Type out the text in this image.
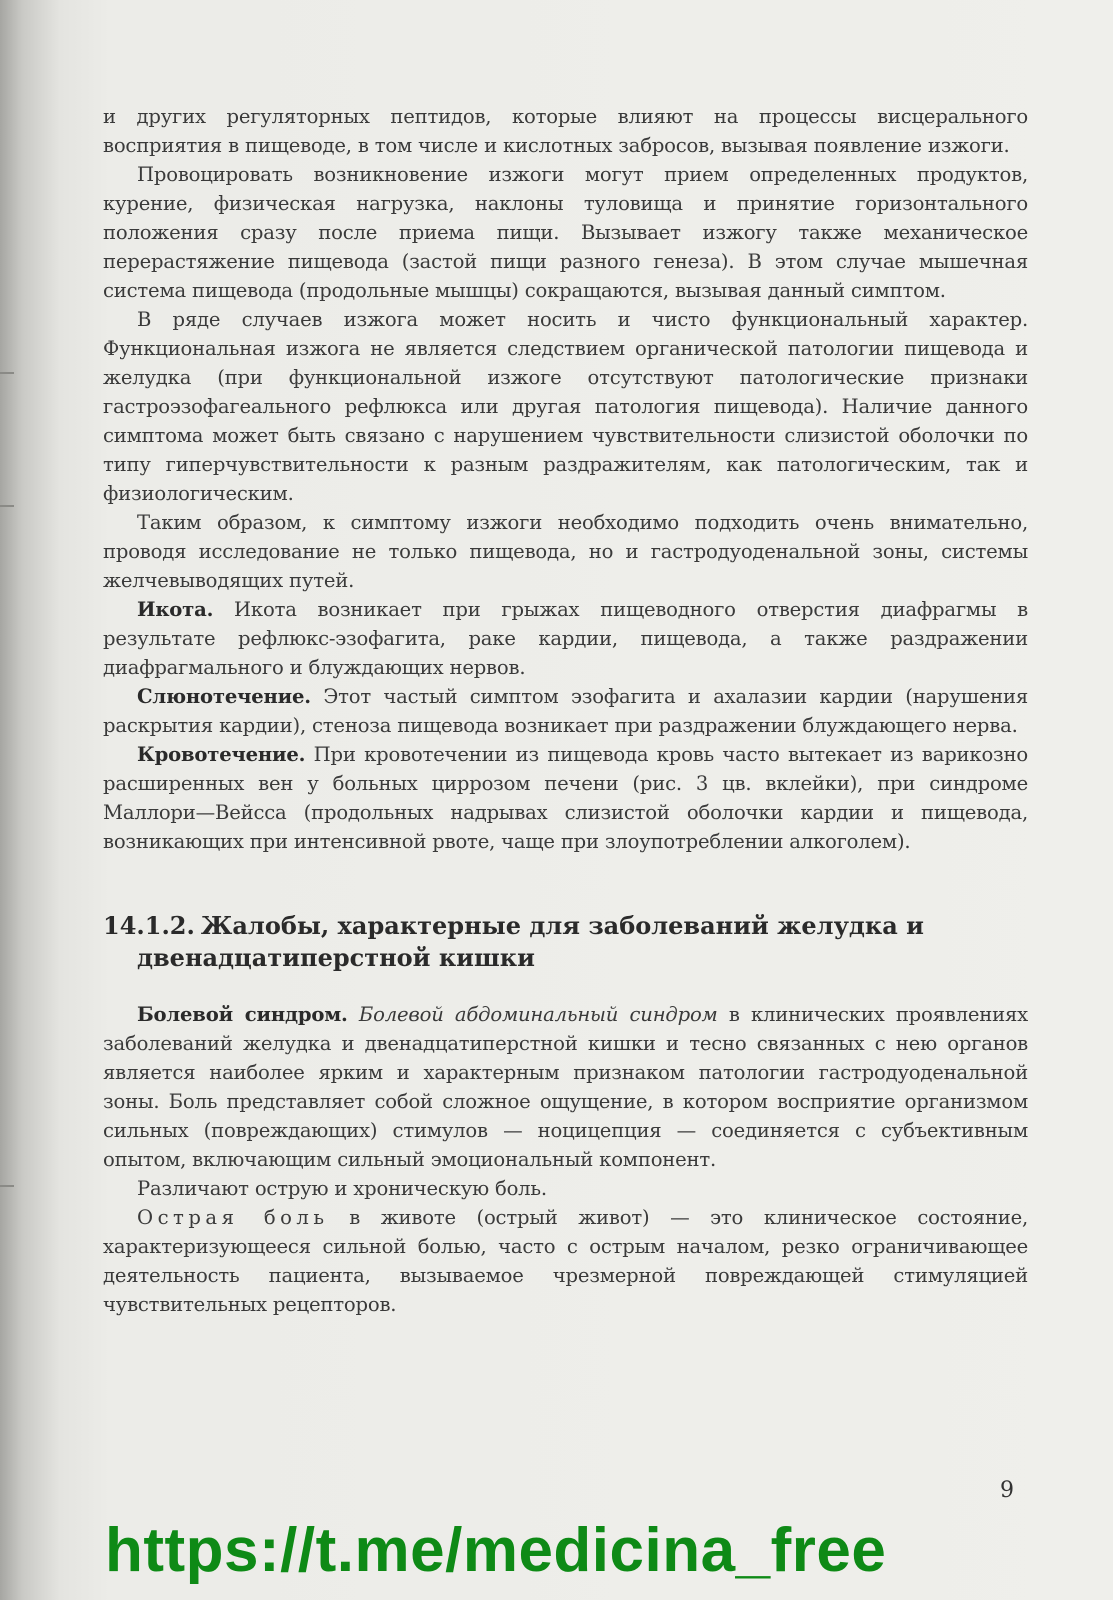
и других регуляторных пептидов, которые влияют на процессы висцерального восприятия в пищеводе, в том числе и кислотных забросов, вызывая появление изжоги.

Провоцировать возникновение изжоги могут прием определенных продуктов, курение, физическая нагрузка, наклоны туловища и принятие горизонтального положения сразу после приема пищи. Вызывает изжогу также механическое перерастяжение пищевода (застой пищи разного генеза). В этом случае мышечная система пищевода (продольные мышцы) сокращаются, вызывая данный симптом.

В ряде случаев изжога может носить и чисто функциональный характер. Функциональная изжога не является следствием органической патологии пищевода и желудка (при функциональной изжоге отсутствуют патологические признаки гастроэзофагеального рефлюкса или другая патология пищевода). Наличие данного симптома может быть связано с нарушением чувствительности слизистой оболочки по типу гиперчувствительности к разным раздражителям, как патологическим, так и физиологическим.

Таким образом, к симптому изжоги необходимо подходить очень внимательно, проводя исследование не только пищевода, но и гастродуоденальной зоны, системы желчевыводящих путей.

Икота. Икота возникает при грыжах пищеводного отверстия диафрагмы в результате рефлюкс-эзофагита, раке кардии, пищевода, а также раздражении диафрагмального и блуждающих нервов.

Слюнотечение. Этот частый симптом эзофагита и ахалазии кардии (нарушения раскрытия кардии), стеноза пищевода возникает при раздражении блуждающего нерва.

Кровотечение. При кровотечении из пищевода кровь часто вытекает из варикозно расширенных вен у больных циррозом печени (рис. 3 цв. вклейки), при синдроме Маллори—Вейсса (продольных надрывах слизистой оболочки кардии и пищевода, возникающих при интенсивной рвоте, чаще при злоупотреблении алкоголем).

14.1.2. Жалобы, характерные для заболеваний желудка и двенадцатиперстной кишки

Болевой синдром. Болевой абдоминальный синдром в клинических проявлениях заболеваний желудка и двенадцатиперстной кишки и тесно связанных с нею органов является наиболее ярким и характерным признаком патологии гастродуоденальной зоны. Боль представляет собой сложное ощущение, в котором восприятие организмом сильных (повреждающих) стимулов — ноцицепция — соединяется с субъективным опытом, включающим сильный эмоциональный компонент.

Различают острую и хроническую боль.

Острая боль в животе (острый живот) — это клиническое состояние, характеризующееся сильной болью, часто с острым началом, резко ограничивающее деятельность пациента, вызываемое чрезмерной повреждающей стимуляцией чувствительных рецепторов.

9
https://t.me/medicina_free
